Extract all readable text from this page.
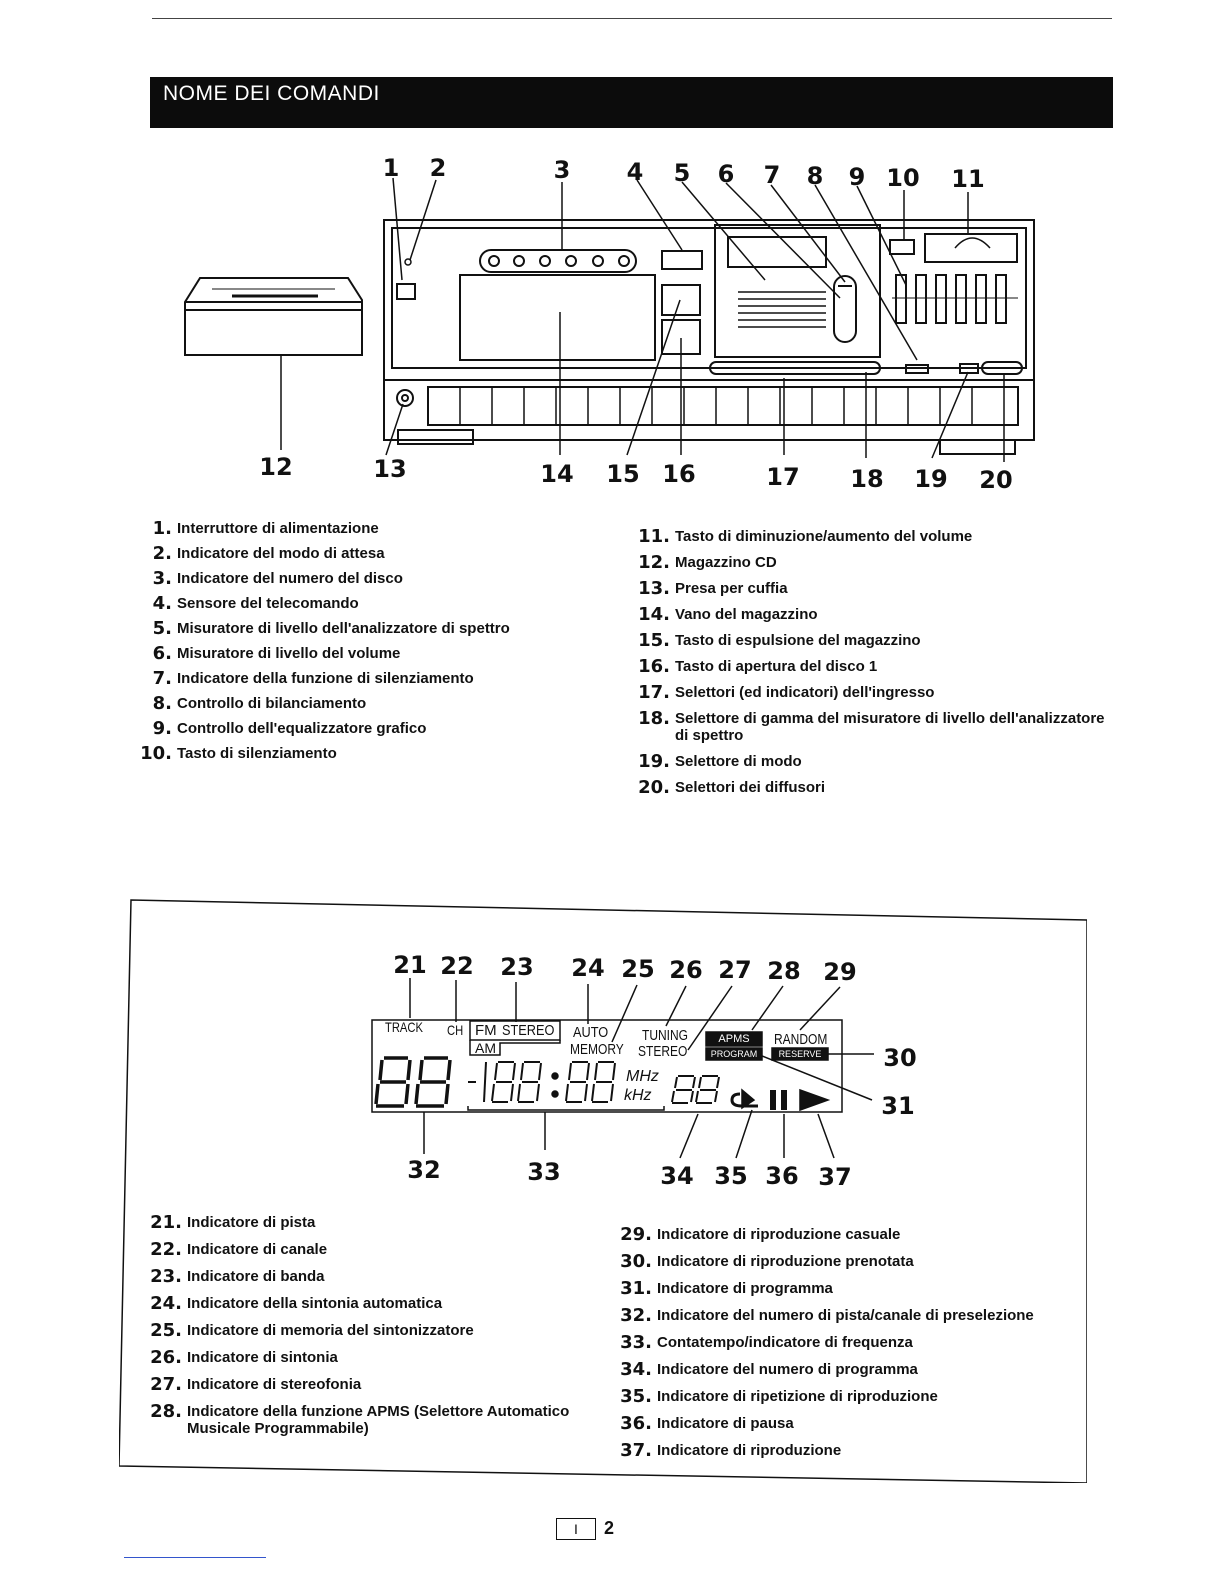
NOME DEI COMANDI
1 2	3 4 5 6 7 8 9 10 11
12	13	14 15 16	17 18 19 20
1. Interruttore di alimentazione
2. Indicatore del modo di attesa
3. Indicatore del numero del disco
4. Sensore del telecomando
5. Misuratore di livello dell'analizzatore di spettro
6. Misuratore di livello del volume
7. Indicatore della funzione di silenziamento
8. Controllo di bilanciamento
9. Controllo dell'equalizzatore grafico
10. Tasto di silenziamento
11. Tasto di diminuzione/aumento del volume
12. Magazzino CD
13. Presa per cuffia
14. Vano del magazzino
15. Tasto di espulsione del magazzino
16. Tasto di apertura del disco 1
17. Selettori (ed indicatori) dell'ingresso
18. Selettore di gamma del misuratore di livello dell'analizzatore di spettro
19. Selettore di modo
20. Selettori dei diffusori
TRACK CH FM STEREO
AM
AUTO
MEMORY
TUNING
STEREO
APMS	RANDOM
PROGRAM	RESERVE
MHz
kHz
21 22 23 24 25 26 27 28 29
30
31
32	33	34 35 36 37
21. Indicatore di pista
22. Indicatore di canale
23. Indicatore di banda
24. Indicatore della sintonia automatica
25. Indicatore di memoria del sintonizzatore
26. Indicatore di sintonia
27. Indicatore di stereofonia
28. Indicatore della funzione APMS (Selettore Automatico Musicale Programmabile)
29. Indicatore di riproduzione casuale
30. Indicatore di riproduzione prenotata
31. Indicatore di programma
32. Indicatore del numero di pista/canale di preselezione
33. Contatempo/indicatore di frequenza
34. Indicatore del numero di programma
35. Indicatore di ripetizione di riproduzione
36. Indicatore di pausa
37. Indicatore di riproduzione
I	2
